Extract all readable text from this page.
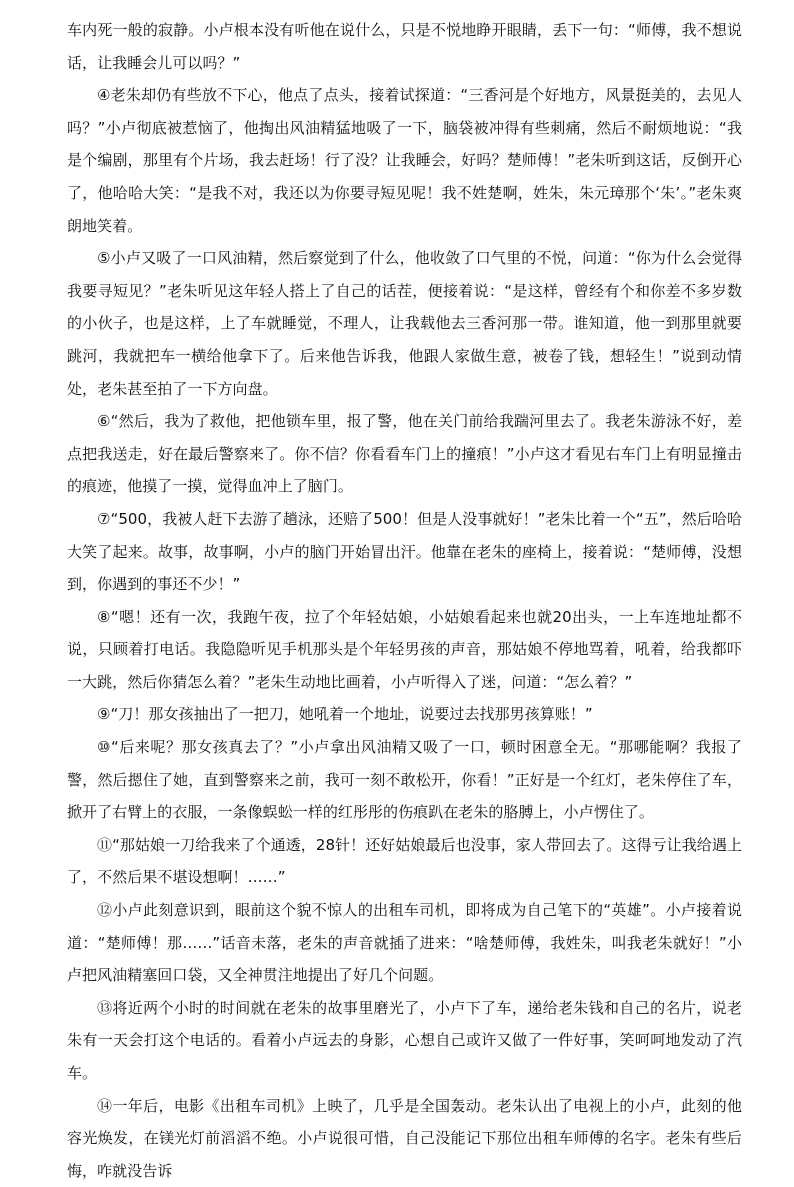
车内死一般的寂静。小卢根本没有听他在说什么，只是不悦地睁开眼睛，丢下一句：“师傅，我不想说话，让我睡会儿可以吗？”

④老朱却仍有些放不下心，他点了点头，接着试探道：“三香河是个好地方，风景挺美的，去见人吗？”小卢彻底被惹恼了，他掏出风油精猛地吸了一下，脑袋被冲得有些刺痛，然后不耐烦地说：“我是个编剧，那里有个片场，我去赶场！行了没？让我睡会，好吗？楚师傅！”老朱听到这话，反倒开心了，他哈哈大笑：“是我不对，我还以为你要寻短见呢！我不姓楚啊，姓朱，朱元璋那个‘朱’。”老朱爽朗地笑着。

⑤小卢又吸了一口风油精，然后察觉到了什么，他收敛了口气里的不悦，问道：“你为什么会觉得我要寻短见？”老朱听见这年轻人搭上了自己的话茬，便接着说：“是这样，曾经有个和你差不多岁数的小伙子，也是这样，上了车就睡觉，不理人，让我载他去三香河那一带。谁知道，他一到那里就要跳河，我就把车一横给他拿下了。后来他告诉我，他跟人家做生意，被卷了钱，想轻生！”说到动情处，老朱甚至拍了一下方向盘。

⑥“然后，我为了救他，把他锁车里，报了警，他在关门前给我踹河里去了。我老朱游泳不好，差点把我送走，好在最后警察来了。你不信？你看看车门上的撞痕！”小卢这才看见右车门上有明显撞击的痕迹，他摸了一摸，觉得血冲上了脑门。

⑦“500，我被人赶下去游了趟泳，还赔了500！但是人没事就好！”老朱比着一个“五”，然后哈哈大笑了起来。故事，故事啊，小卢的脑门开始冒出汗。他靠在老朱的座椅上，接着说：“楚师傅，没想到，你遇到的事还不少！”

⑧“嗯！还有一次，我跑午夜，拉了个年轻姑娘，小姑娘看起来也就20出头，一上车连地址都不说，只顾着打电话。我隐隐听见手机那头是个年轻男孩的声音，那姑娘不停地骂着，吼着，给我都吓一大跳，然后你猜怎么着？”老朱生动地比画着，小卢听得入了迷，问道：“怎么着？”

⑨“刀！那女孩抽出了一把刀，她吼着一个地址，说要过去找那男孩算账！”

⑩“后来呢？那女孩真去了？”小卢拿出风油精又吸了一口，顿时困意全无。“那哪能啊？我报了警，然后摁住了她，直到警察来之前，我可一刻不敢松开，你看！”正好是一个红灯，老朱停住了车，掀开了右臂上的衣服，一条像蜈蚣一样的红彤彤的伤痕趴在老朱的胳膊上，小卢愣住了。

⑪“那姑娘一刀给我来了个通透，28针！还好姑娘最后也没事，家人带回去了。这得亏让我给遇上了，不然后果不堪设想啊！……”

⑫小卢此刻意识到，眼前这个貌不惊人的出租车司机，即将成为自己笔下的“英雄”。小卢接着说道：“楚师傅！那……”话音未落，老朱的声音就插了进来：“啥楚师傅，我姓朱，叫我老朱就好！”小卢把风油精塞回口袋，又全神贯注地提出了好几个问题。

⑬将近两个小时的时间就在老朱的故事里磨光了，小卢下了车，递给老朱钱和自己的名片，说老朱有一天会打这个电话的。看着小卢远去的身影，心想自己或许又做了一件好事，笑呵呵地发动了汽车。

⑭一年后，电影《出租车司机》上映了，几乎是全国轰动。老朱认出了电视上的小卢，此刻的他容光焕发，在镁光灯前滔滔不绝。小卢说很可惜，自己没能记下那位出租车师傅的名字。老朱有些后悔，咋就没告诉
